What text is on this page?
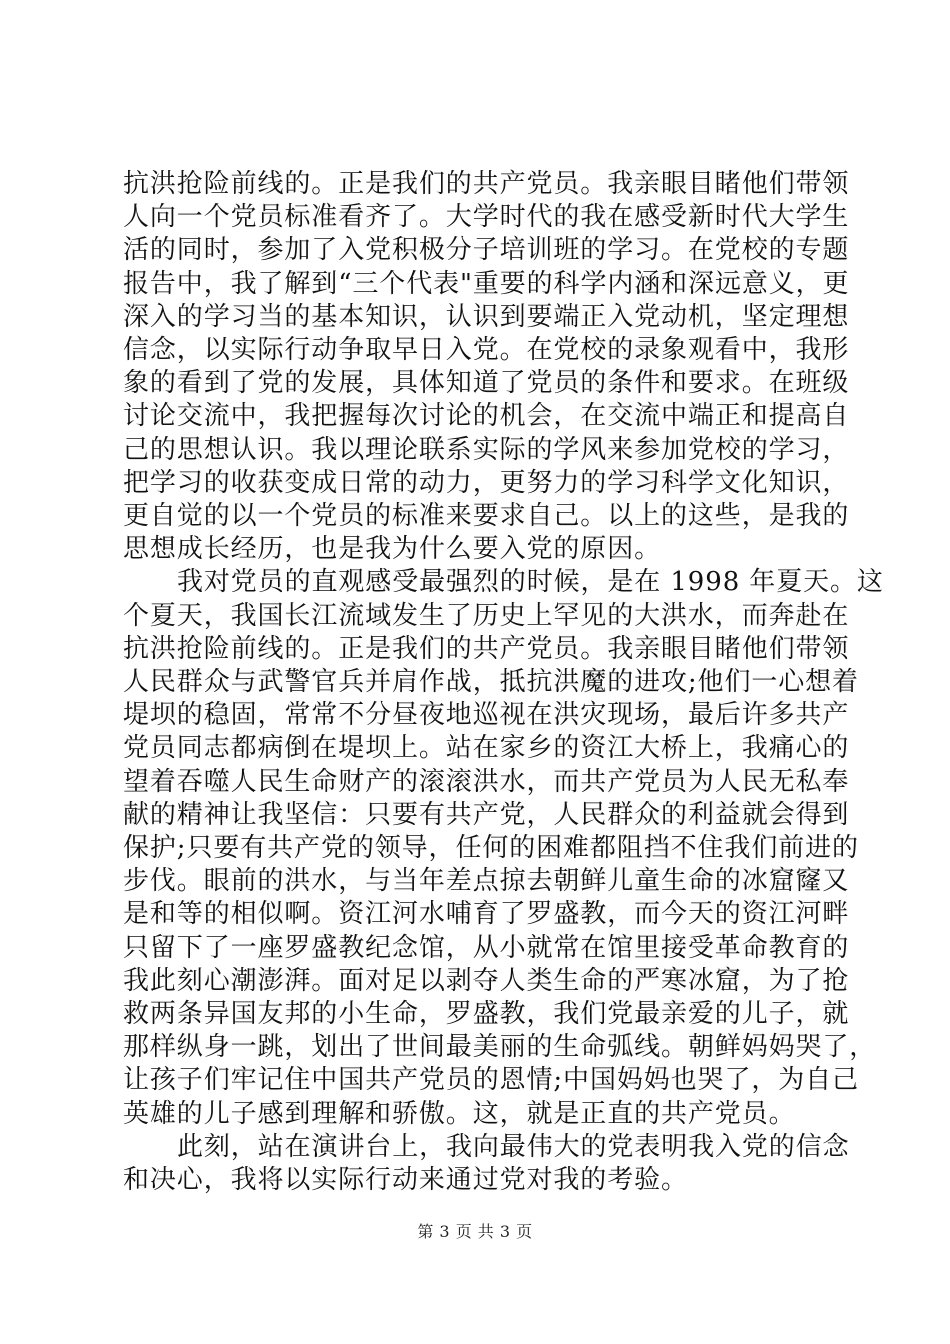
抗洪抢险前线的。正是我们的共产党员。我亲眼目睹他们带领
人向一个党员标准看齐了。大学时代的我在感受新时代大学生
活的同时，参加了入党积极分子培训班的学习。在党校的专题
报告中，我了解到“三个代表"重要的科学内涵和深远意义，更
深入的学习当的基本知识，认识到要端正入党动机，坚定理想
信念，以实际行动争取早日入党。在党校的录象观看中，我形
象的看到了党的发展，具体知道了党员的条件和要求。在班级
讨论交流中，我把握每次讨论的机会，在交流中端正和提高自
己的思想认识。我以理论联系实际的学风来参加党校的学习，
把学习的收获变成日常的动力，更努力的学习科学文化知识，
更自觉的以一个党员的标准来要求自己。以上的这些，是我的
思想成长经历，也是我为什么要入党的原因。
我对党员的直观感受最强烈的时候，是在 1998 年夏天。这
个夏天，我国长江流域发生了历史上罕见的大洪水，而奔赴在
抗洪抢险前线的。正是我们的共产党员。我亲眼目睹他们带领
人民群众与武警官兵并肩作战，抵抗洪魔的进攻;他们一心想着
堤坝的稳固，常常不分昼夜地巡视在洪灾现场，最后许多共产
党员同志都病倒在堤坝上。站在家乡的资江大桥上，我痛心的
望着吞噬人民生命财产的滚滚洪水，而共产党员为人民无私奉
献的精神让我坚信：只要有共产党，人民群众的利益就会得到
保护;只要有共产党的领导，任何的困难都阻挡不住我们前进的
步伐。眼前的洪水，与当年差点掠去朝鲜儿童生命的冰窟窿又
是和等的相似啊。资江河水哺育了罗盛教，而今天的资江河畔
只留下了一座罗盛教纪念馆，从小就常在馆里接受革命教育的
我此刻心潮澎湃。面对足以剥夺人类生命的严寒冰窟，为了抢
救两条异国友邦的小生命，罗盛教，我们党最亲爱的儿子，就
那样纵身一跳，划出了世间最美丽的生命弧线。朝鲜妈妈哭了，
让孩子们牢记住中国共产党员的恩情;中国妈妈也哭了，为自己
英雄的儿子感到理解和骄傲。这，就是正直的共产党员。
此刻，站在演讲台上，我向最伟大的党表明我入党的信念
和决心，我将以实际行动来通过党对我的考验。
第 3 页 共 3 页
